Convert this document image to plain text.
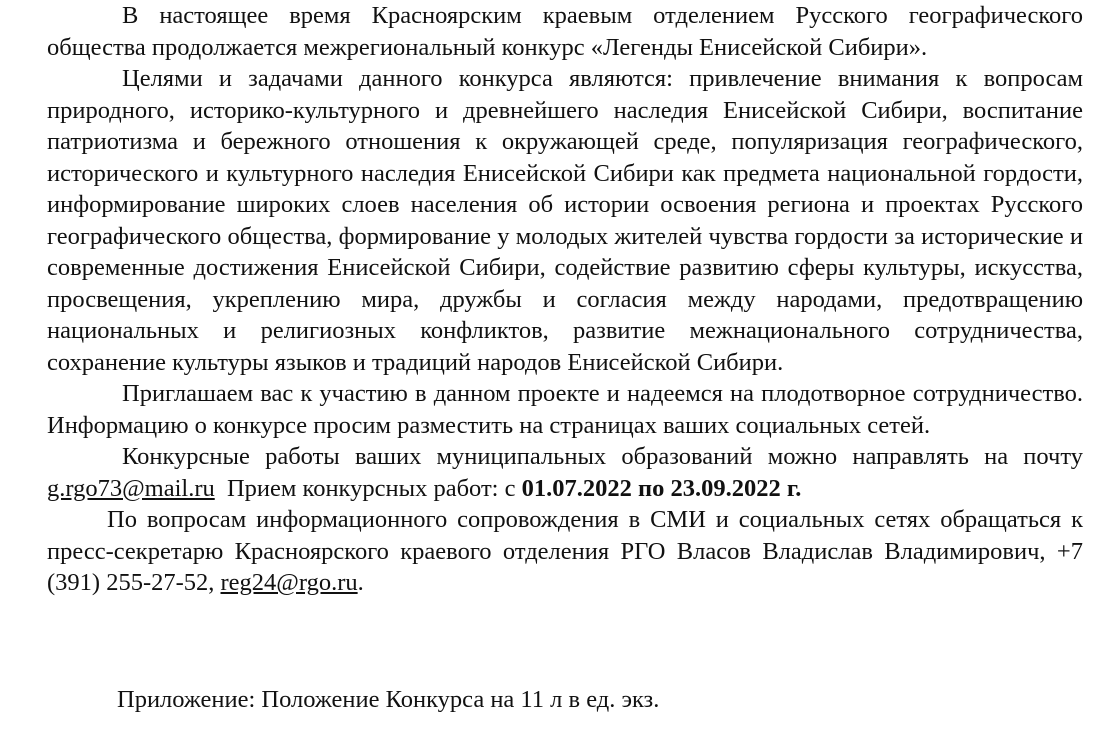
В настоящее время Красноярским краевым отделением Русского географического общества продолжается межрегиональный конкурс «Легенды Енисейской Сибири».

Целями и задачами данного конкурса являются: привлечение внимания к вопросам природного, историко-культурного и древнейшего наследия Енисейской Сибири, воспитание патриотизма и бережного отношения к окружающей среде, популяризация географического, исторического и культурного наследия Енисейской Сибири как предмета национальной гордости, информирование широких слоев населения об истории освоения региона и проектах Русского географического общества, формирование у молодых жителей чувства гордости за исторические и современные достижения Енисейской Сибири, содействие развитию сферы культуры, искусства, просвещения, укреплению мира, дружбы и согласия между народами, предотвращению национальных и религиозных конфликтов, развитие межнационального сотрудничества, сохранение культуры языков и традиций народов Енисейской Сибири.

Приглашаем вас к участию в данном проекте и надеемся на плодотворное сотрудничество. Информацию о конкурсе просим разместить на страницах ваших социальных сетей.

Конкурсные работы ваших муниципальных образований можно направлять на почту g.rgo73@mail.ru Прием конкурсных работ: с 01.07.2022 по 23.09.2022 г.

По вопросам информационного сопровождения в СМИ и социальных сетях обращаться к пресс-секретарю Красноярского краевого отделения РГО Власов Владислав Владимирович, +7 (391) 255-27-52, reg24@rgo.ru.

Приложение: Положение Конкурса на 11 л в ед. экз.
